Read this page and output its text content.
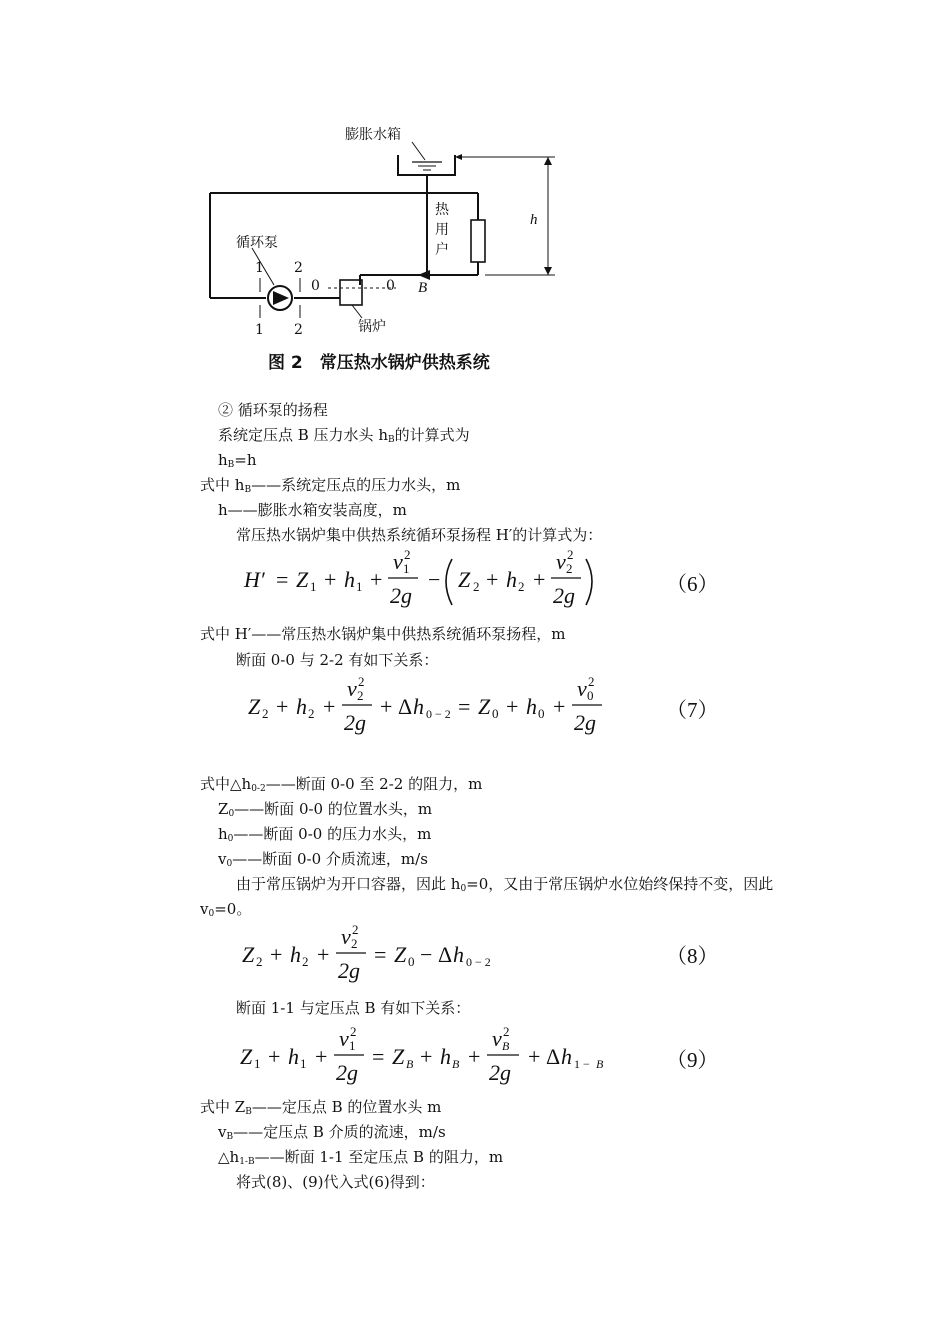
膨胀水箱
热
用
户
循环泵
锅炉
h
B
1
1
2
2
0	0
图 2　常压热水锅炉供热系统
② 循环泵的扬程
系统定压点 B 压力水头 $h_B$的计算式为
$h_B=h$
式中 $h_B——$系统定压点的压力水头，m
h——膨胀水箱安装高度，m
常压热水锅炉集中供热系统循环泵扬程 H′的计算式为：
H′ = Z 1 + h 1 +
v 2
1
2g
− Z 2 + h 2 +
v 2
2
2g	（6）
式中 H′——常压热水锅炉集中供热系统循环泵扬程，m
断面 0-0 与 2-2 有如下关系：
Z 2 + h 2 +
v 2
2
2g
+ Δ h 0 − 2 = Z 0 + h 0 +
v 2
0
2g	（7）
式中$\triangle h_{0-2}——$断面 0-0 至 2-2 的阻力，m
$Z_0——$断面 0-0 的位置水头，m
$h_0——$断面 0-0 的压力水头，m
$v_0——$断面 0-0 介质流速，m/s
由于常压锅炉为开口容器，因此 $h_0=0$，又由于常压锅炉水位始终保持不变，因此
$v_0=0$。
Z 2 + h 2 +
v 2
2
2g
= Z 0 − Δ h 0 − 2	（8）
断面 1-1 与定压点 B 有如下关系：
Z 1 + h 1 +
v 2
1
2g
= Z B + h B +
v 2
B
2g
+ Δ h 1 − B	（9）
式中 $Z_B——$定压点 B 的位置水头 m
$v_B——$定压点 B 介质的流速，m/s
$\triangle h_{1-B}——$断面 1-1 至定压点 B 的阻力，m
将式(8)、(9)代入式(6)得到：
